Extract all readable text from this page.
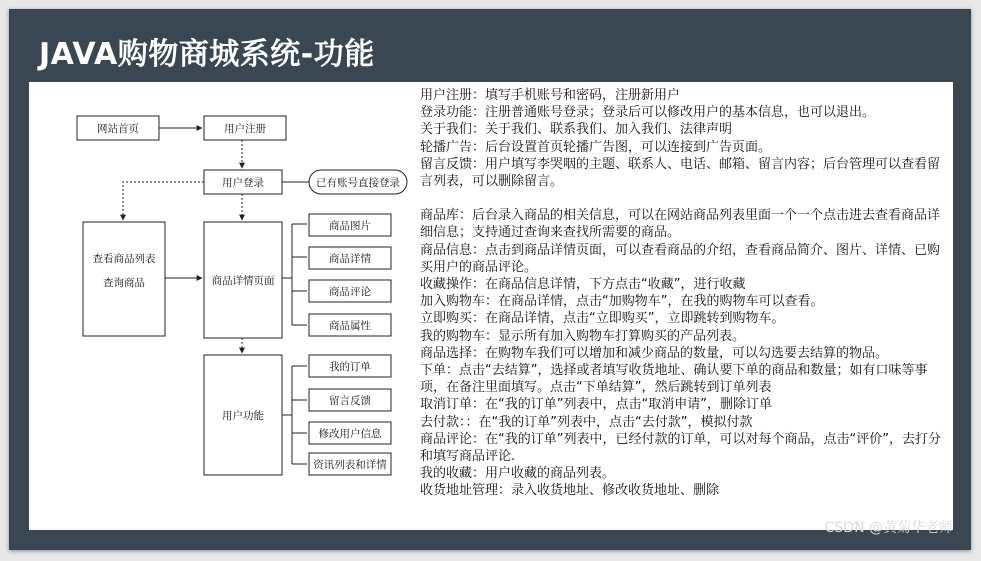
JAVA购物商城系统-功能
网站首页	用户注册
用户登录	已有账号直接登录
查看商品列表
查询商品	商品详情页面
商品图片
商品详情
商品评论
商品属性
用户功能
我的订单
留言反馈
修改用户信息
资讯列表和详情

用户注册：填写手机账号和密码，注册新用户

登录功能：注册普通账号登录；登录后可以修改用户的基本信息，也可以退出。

关于我们：关于我们、联系我们、加入我们、法律声明

轮播广告：后台设置首页轮播广告图，可以连接到广告页面。

留言反馈：用户填写李哭咽的主题、联系人、电话、邮箱、留言内容；后台管理可以查看留言列表，可以删除留言。

商品库：后台录入商品的相关信息，可以在网站商品列表里面一个一个点击进去查看商品详细信息；支持通过查询来查找所需要的商品。

商品信息：点击到商品详情页面，可以查看商品的介绍，查看商品简介、图片、详情、已购买用户的商品评论。

收藏操作：在商品信息详情，下方点击“收藏”，进行收藏

加入购物车：在商品详情，点击“加购物车”，在我的购物车可以查看。

立即购买：在商品详情，点击“立即购买”，立即跳转到购物车。

我的购物车：显示所有加入购物车打算购买的产品列表。

商品选择：在购物车我们可以增加和减少商品的数量，可以勾选要去结算的物品。

下单：点击“去结算”，选择或者填写收货地址、确认要下单的商品和数量；如有口味等事项，在备注里面填写。点击“下单结算”，然后跳转到订单列表

取消订单：在“我的订单”列表中，点击“取消申请”，删除订单

去付款：：在“我的订单”列表中，点击“去付款”，模拟付款

商品评论：在“我的订单”列表中，已经付款的订单，可以对每个商品，点击“评价”，去打分和填写商品评论.

我的收藏：用户收藏的商品列表。

收货地址管理：录入收货地址、修改收货地址、删除

CSDN @黄菊华老师
